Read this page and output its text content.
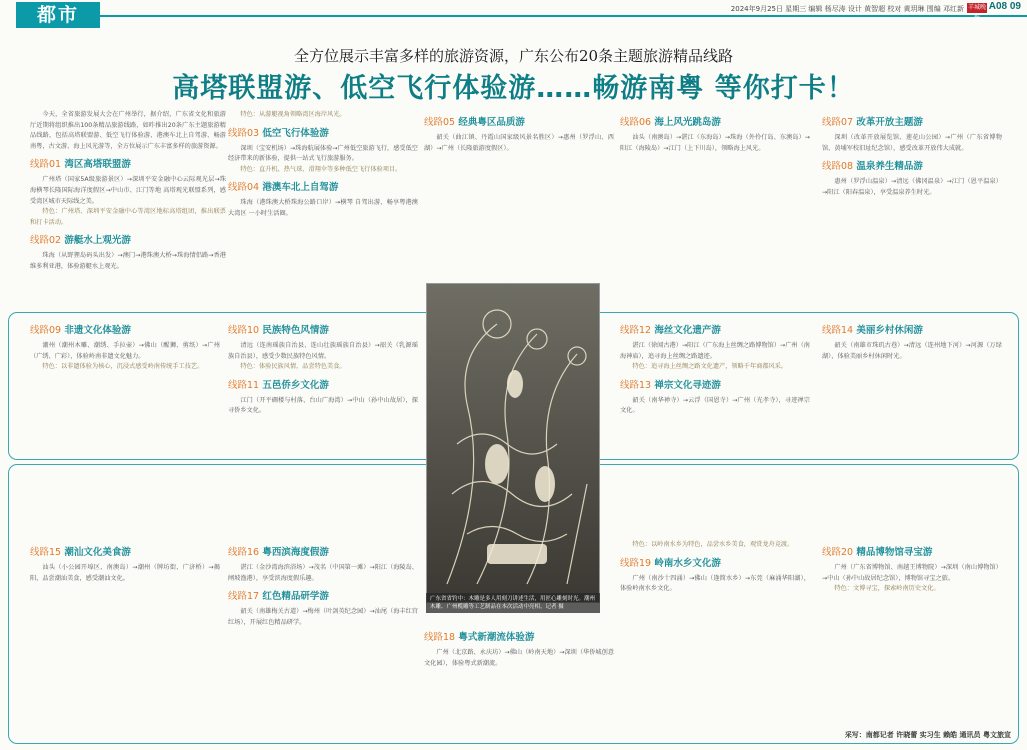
都市	2024年9月25日 星期三 编辑 杨尽涛 设计 黄智超 校对 黄玥琳 围编 邓红新 羊城晚报
A08 09
全方位展示丰富多样的旅游资源，广东公布20条主题旅游精品线路
高塔联盟游、低空飞行体验游……畅游南粤 等你打卡！

今天，全省旅游发展大会在广州举行，据介绍，广东省文化和旅游厅近期将组织推出100条精品旅游线路，如昨推出20条广东主题旅游精品线路，包括高塔联盟游、低空飞行体验游、港澳车北上自驾游、畅游南粤，古文游、海上风光游等，全方位展示广东丰富多样的旅游资源。

线路01 湾区高塔联盟游

广州塔（国家5A级旅游景区）→深圳平安金融中心云际观光层→珠海横琴长隆国际海洋度假区→中山市、江门等地 高塔观光联盟系列，感受湾区城市天际线之美。

特色：广州塔、深圳平安金融中心等湾区地标高塔组团，推出联票和打卡活动。

线路02 游艇水上观光游

珠海（从野狸岛码头出发）→澳门→港珠澳大桥→珠海情侣路→香港维多利亚港，体验游艇水上观光。

特色：从游艇视角领略湾区海岸风光。

线路03 低空飞行体验游

深圳（宝安机场）→珠海航展体验→广州低空旅游飞行，感受低空经济带来的新体验，提供一站式飞行旅游服务。

特色：直升机、热气球、滑翔伞等多种低空飞行体验项目。

线路04 港澳车北上自驾游

珠海（港珠澳大桥珠海公路口岸）→横琴 自驾出游，畅享粤港澳大湾区 一小时生活圈。

线路05 经典粤区品质游

韶关（曲江镇、丹霞山国家级风景名胜区）→惠州（罗浮山、西湖）→广州（长隆旅游度假区）。

线路06 海上风光跳岛游

汕头（南澳岛）→湛江（东海岛）→珠海（外伶仃岛、东澳岛）→阳江（海陵岛）→江门（上下川岛），领略海上风光。

线路07 改革开放主题游

深圳（改革开放展览馆、莲花山公园）→广州（广东省博物馆、黄埔军校旧址纪念馆），感受改革开放伟大成就。

线路08 温泉养生精品游

惠州（罗浮山温泉）→清远（佛冈温泉）→江门（恩平温泉）→阳江（阳春温泉），享受温泉养生时光。

线路09 非遗文化体验游

潮州（潮州木雕、潮绣、手拉壶）→佛山（醒狮、剪纸）→广州（广绣、广彩），体验岭南非遗文化魅力。

特色：以非遗体验为核心，沉浸式感受岭南传统手工技艺。

线路10 民族特色风情游

清远（连南瑶族自治县、连山壮族瑶族自治县）→韶关（乳源瑶族自治县），感受少数民族特色风情。

特色：体验民族风情，品尝特色美食。

线路11 五邑侨乡文化游

江门（开平碉楼与村落、台山广海湾）→中山（孙中山故居），探寻侨乡文化。

线路12 海丝文化遗产游

湛江（徐闻古港）→阳江（广东海上丝绸之路博物馆）→广州（南海神庙），追寻海上丝绸之路遗迹。

特色：追寻海上丝绸之路文化遗产，领略千年商都风采。

线路13 禅宗文化寻迹游

韶关（南华禅寺）→云浮（国恩寺）→广州（光孝寺），寻迹禅宗文化。

线路14 美丽乡村休闲游

韶关（南雄市珠玑古巷）→清远（连州地下河）→河源（万绿湖），体验美丽乡村休闲时光。

线路15 潮汕文化美食游

汕头（小公园开埠区、南澳岛）→潮州（牌坊街、广济桥）→揭阳，品尝潮汕美食，感受潮汕文化。

线路16 粤西滨海度假游

湛江（金沙湾海滨浴场）→茂名（中国第一滩）→阳江（海陵岛、闸坡渔港），享受滨海度假乐趣。

线路17 红色精品研学游

韶关（南雄梅关古道）→梅州（叶剑英纪念园）→汕尾（海丰红宫红场），开展红色精品研学。

线路18 粤式新潮流体验游

广州（北京路、永庆坊）→佛山（岭南天地）→深圳（华侨城创意文化园），体验粤式新潮流。

特色：以岭南水乡为特色，品尝水乡美食，观赏龙舟竞渡。

线路19 岭南水乡文化游

广州（南沙十四涌）→佛山（逢简水乡）→东莞（麻涌华阳湖），体验岭南水乡文化。

线路20 精品博物馆寻宝游

广州（广东省博物馆、南越王博物院）→深圳（南山博物馆）→中山（孙中山故居纪念馆），博物馆寻宝之旅。

特色：文博寻宝，探索岭南历史文化。

广东省省钓中：木雕是多人用刻刀讲述生活，用匠心雕刻时光。潮州木雕、广州榄雕等工艺制品在本次活动中亮相。记者 摄
采写：南都记者 许晓蕾 实习生 赖皓 通讯员 粤文旅宣
